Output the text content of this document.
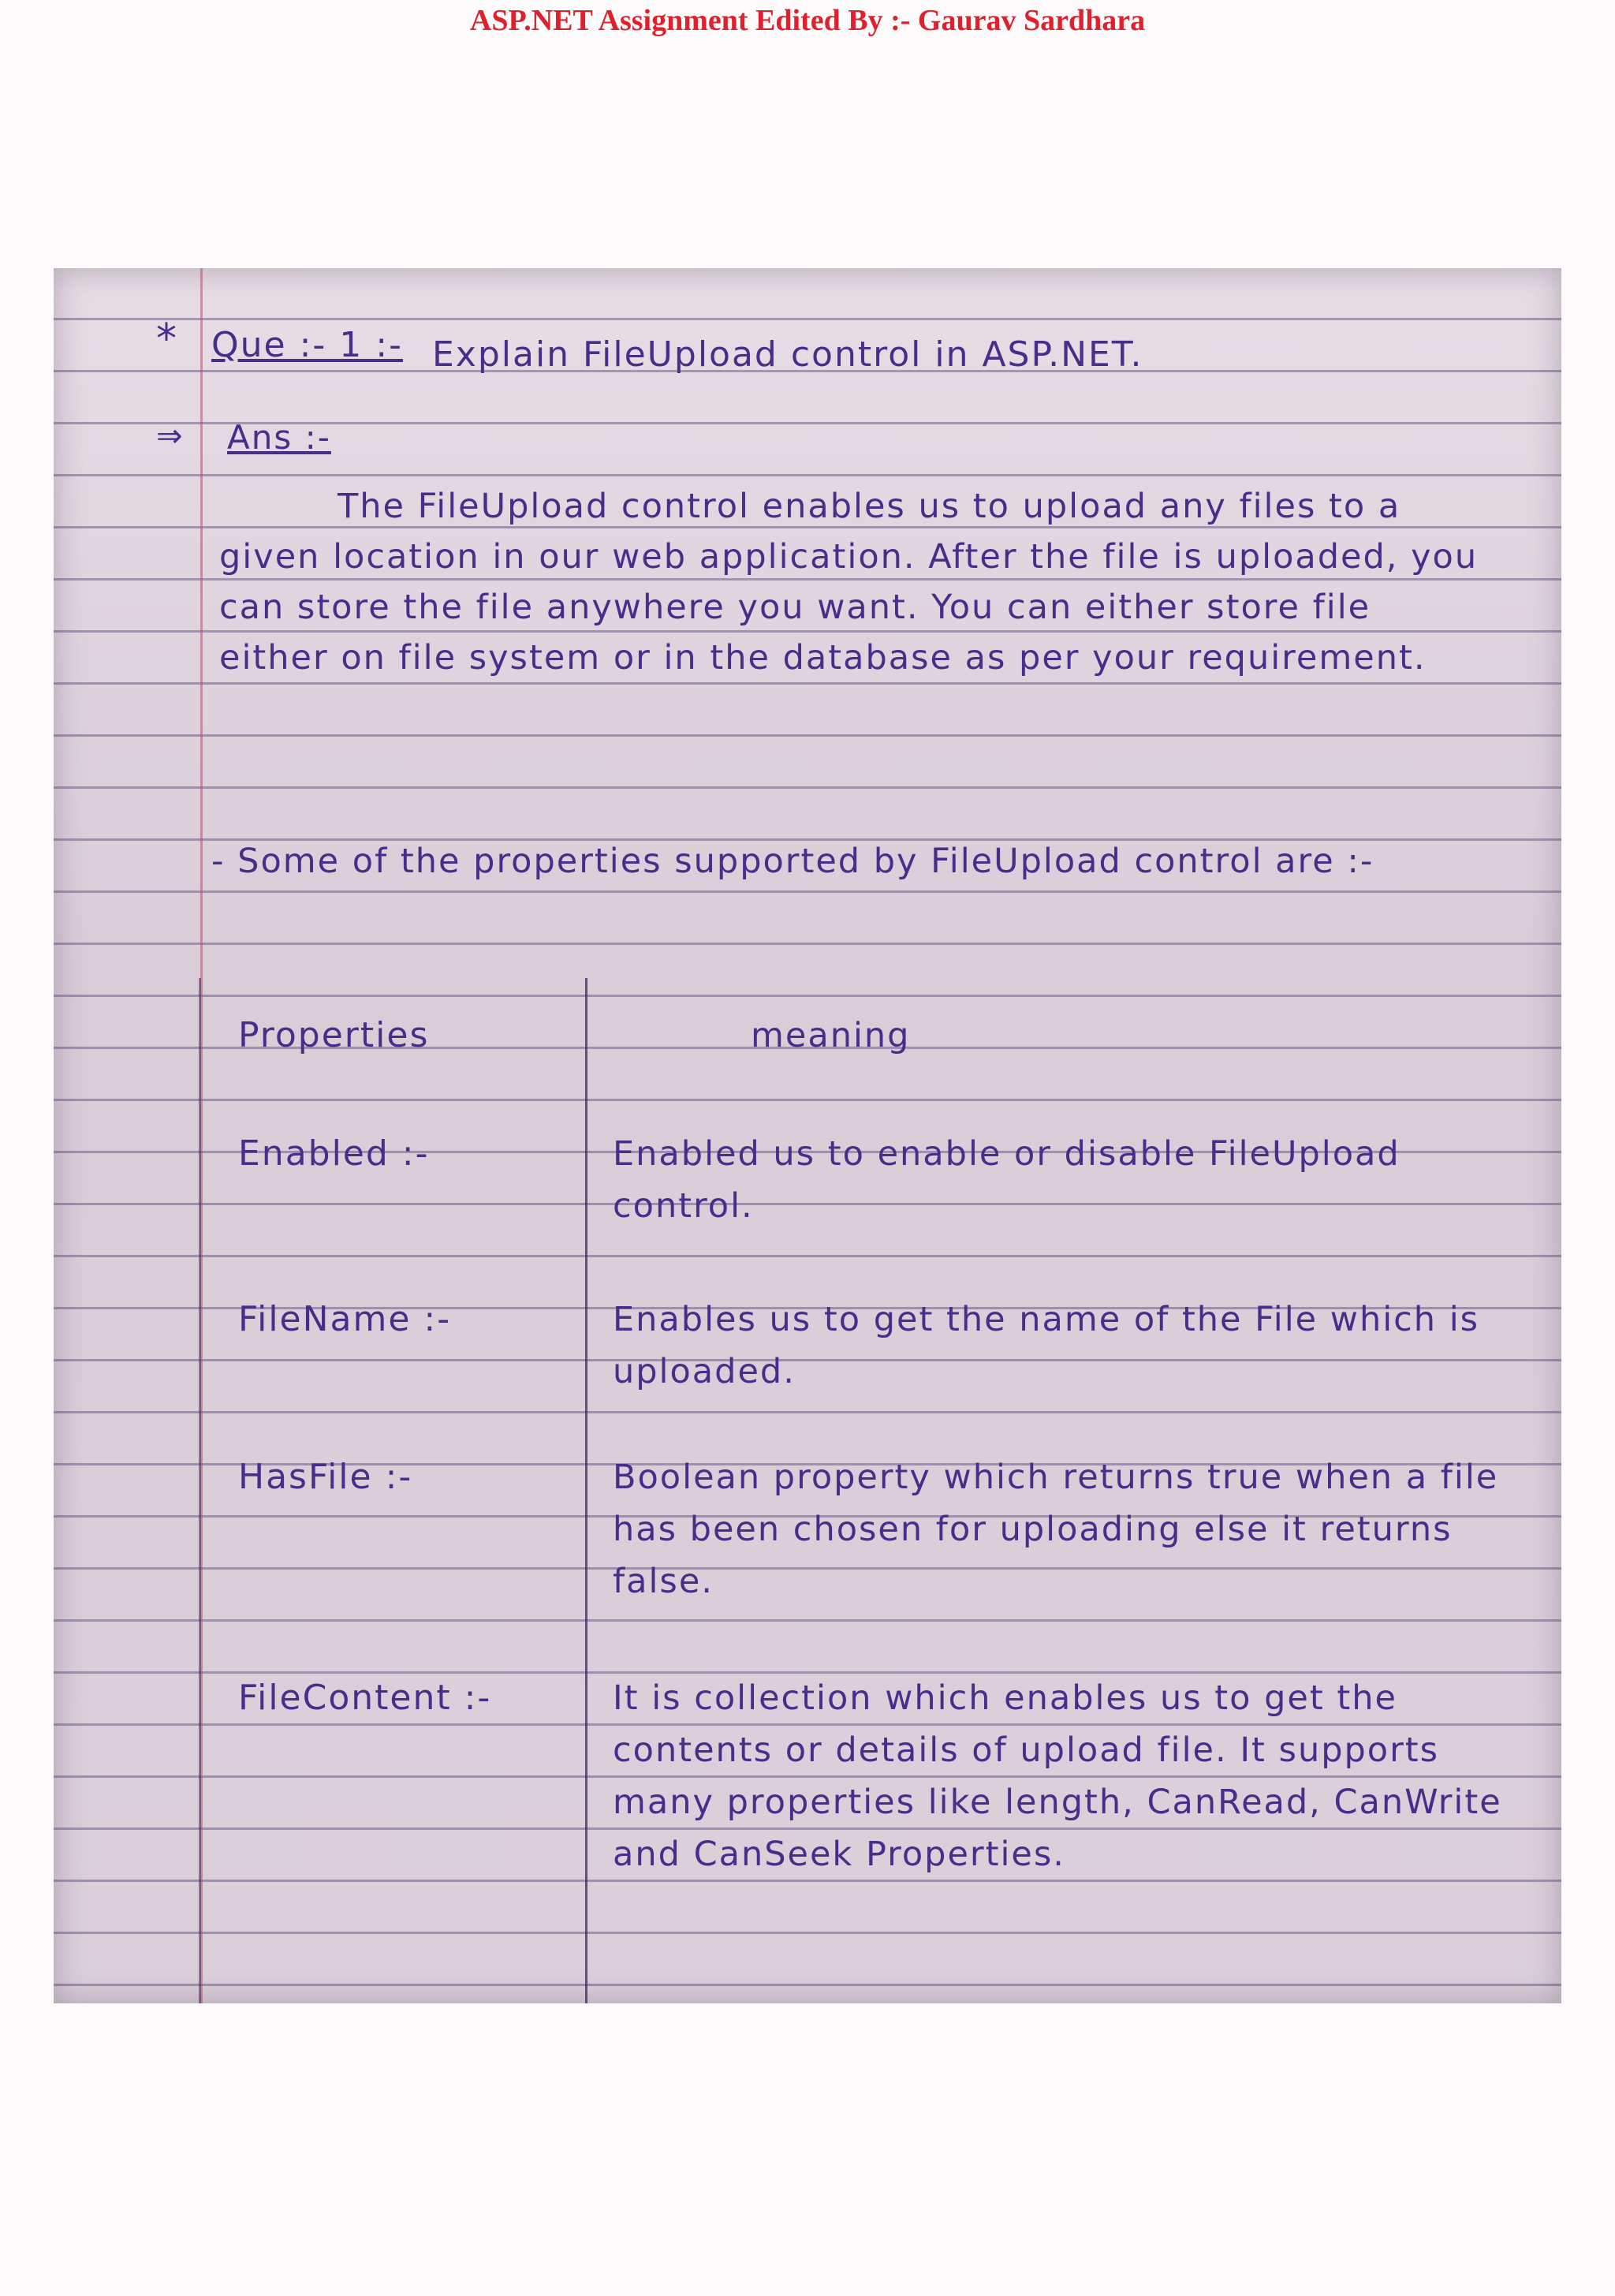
ASP.NET Assignment Edited By :- Gaurav Sardhara
* Que :- 1 :- Explain FileUpload control in ASP.NET.
⇒ Ans :-
The FileUpload control enables us to upload any files to a given location in our web application. After the file is uploaded, you can store the file anywhere you want. You can either store file either on file system or in the database as per your requirement.
- Some of the properties supported by FileUpload control are :-
Properties	meaning
Enabled :-	Enabled us to enable or disable FileUpload control.
FileName :-	Enables us to get the name of the File which is uploaded.
HasFile :-	Boolean property which returns true when a file has been chosen for uploading else it returns false.
FileContent :-	It is collection which enables us to get the contents or details of upload file. It supports many properties like length, CanRead, CanWrite and CanSeek Properties.
